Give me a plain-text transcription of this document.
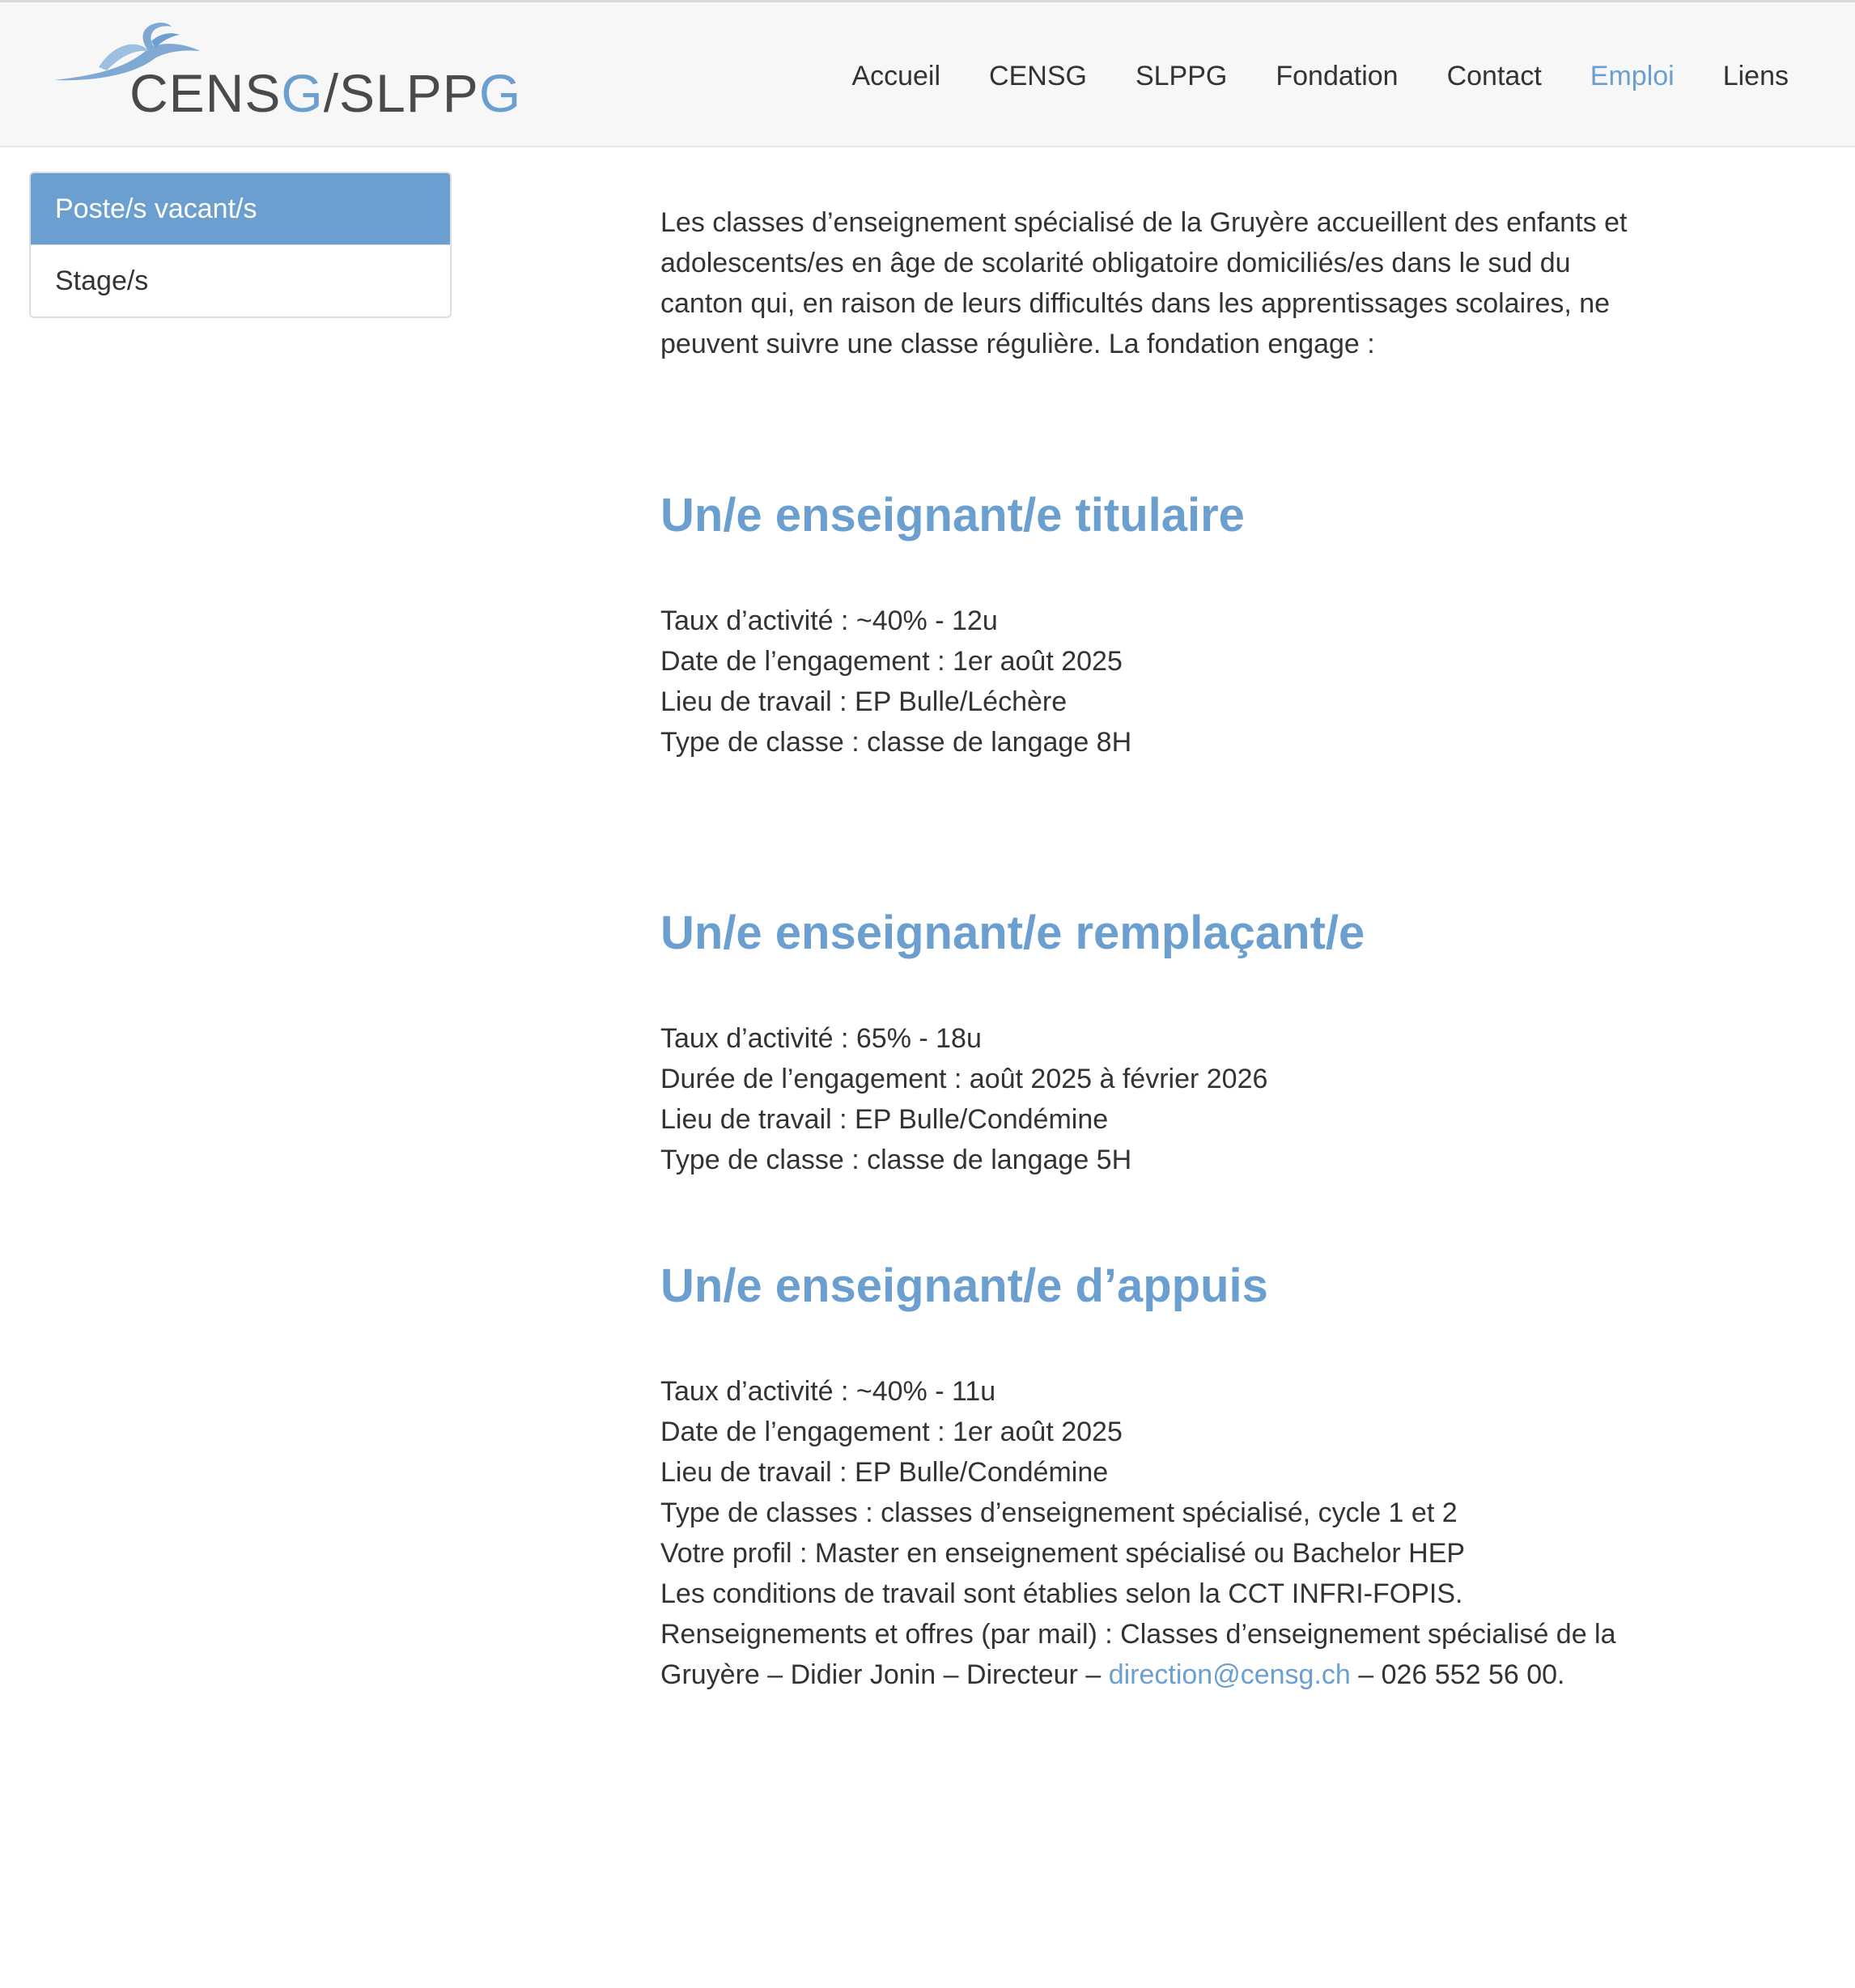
CENSG/SLPPG	Accueil CENSG SLPPG Fondation Contact Emploi Liens
Poste/s vacant/s
Stage/s

Les classes d’enseignement spécialisé de la Gruyère accueillent des enfants et adolescents/es en âge de scolarité obligatoire domiciliés/es dans le sud du canton qui, en raison de leurs difficultés dans les apprentissages scolaires, ne peuvent suivre une classe régulière. La fondation engage :

Un/e enseignant/e titulaire

Taux d’activité : ~40% - 12u

Date de l’engagement : 1er août 2025

Lieu de travail : EP Bulle/Léchère

Type de classe : classe de langage 8H

Un/e enseignant/e remplaçant/e

Taux d’activité : 65% - 18u

Durée de l’engagement : août 2025 à février 2026

Lieu de travail : EP Bulle/Condémine

Type de classe : classe de langage 5H

Un/e enseignant/e d’appuis

Taux d’activité : ~40% - 11u

Date de l’engagement : 1er août 2025

Lieu de travail : EP Bulle/Condémine

Type de classes : classes d’enseignement spécialisé, cycle 1 et 2

Votre profil : Master en enseignement spécialisé ou Bachelor HEP

Les conditions de travail sont établies selon la CCT INFRI-FOPIS.

Renseignements et offres (par mail) : Classes d’enseignement spécialisé de la Gruyère – Didier Jonin – Directeur – direction@censg.ch – 026 552 56 00.
